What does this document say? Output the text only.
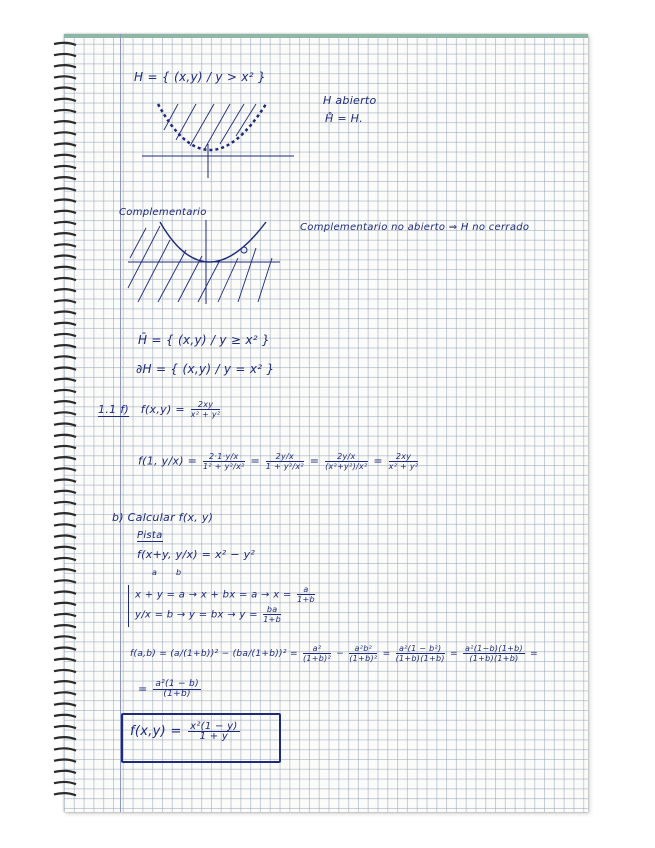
H = { (x,y) / y > x² }
H abierto
H̊ = H.
Complementario
Complementario no abierto ⇒ H no cerrado
H̄ = { (x,y) / y ≥ x² }
∂H = { (x,y) / y = x² }
1.1 f) $f(x,y) = \frac{2xy}{\text{x² + y²}}$
f(1, $y/x) = \frac{2\cdot 1\cdot y/x}{\text{1² + y²/x²}} = \frac{2y/x}{\text{1 + y²/x²}} = \frac{2y/x}{\text{(x²+y²)/x²}} = \frac{2xy}{\text{x² + y²}}$
b) Calcular f(x, y)
Pista
f(x+y, y/x) = x² − y²
a b
x + y = a → x + bx = $a \to x = \frac{a}{1+b}$
y/x = b → y = bx → $y = \frac{ba}{1+b}$
$f(a,b) = (a/(1+b))^2 - (ba/(1+b))^2 = \frac{\text{a²}}{\text{(1+b)²}} - \frac{\text{a²b²}}{\text{(1+b)²}} = \frac{\text{a²(1 − b²)}}{(1+b)(1+b)} = \frac{\text{a²(1−b)(1+b)}}{(1+b)(1+b)}$ =
= $\frac{\text{a²(1 − b)}}{(1+b)}$
$f(x,y) = \frac{\text{x²(1 − y)}}{1 + y}$
